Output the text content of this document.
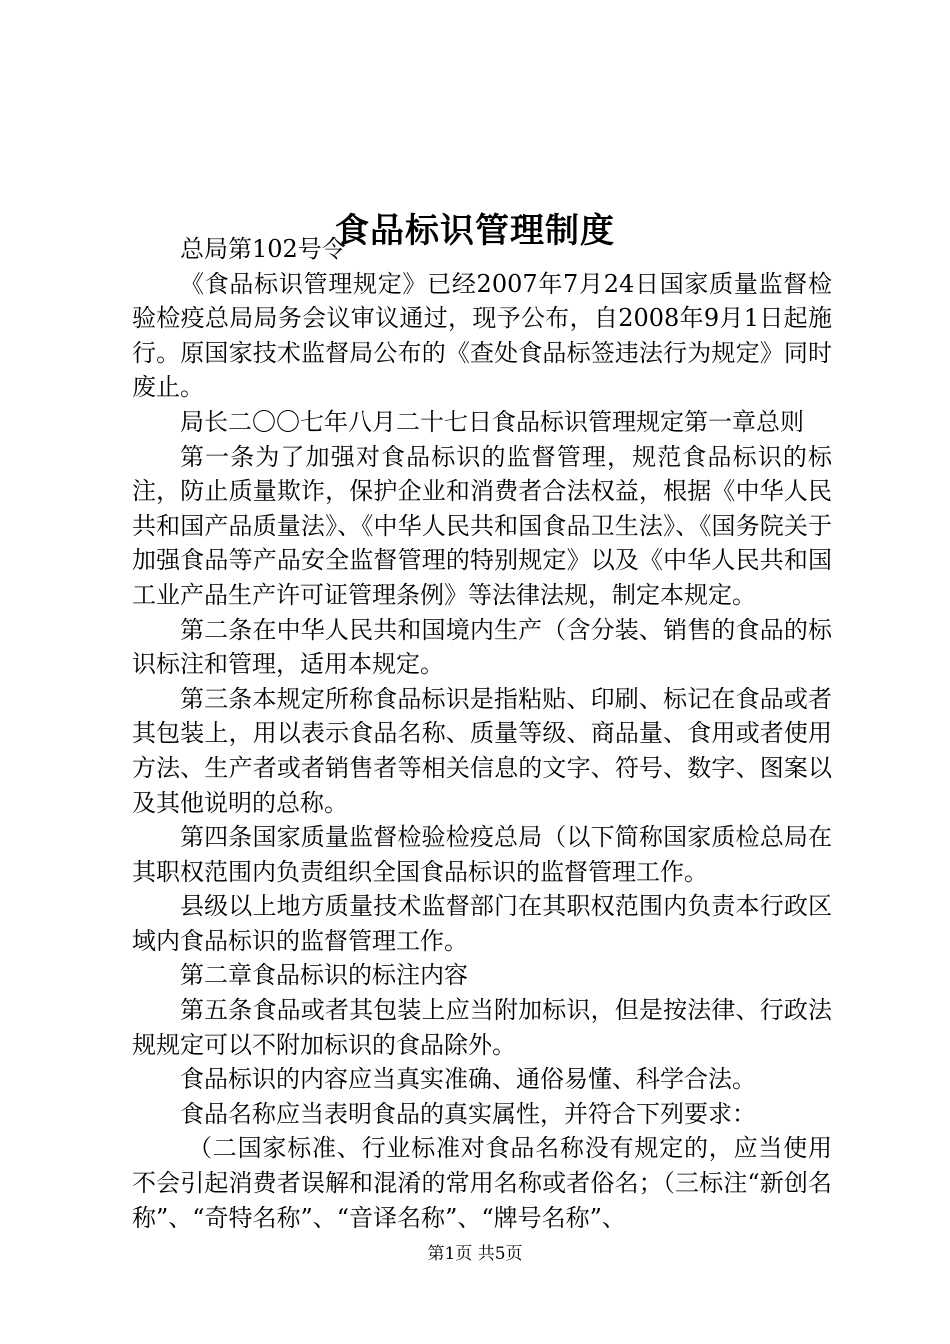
食品标识管理制度

总局第102号令

《食品标识管理规定》已经2007年7月24日国家质量监督检验检疫总局局务会议审议通过，现予公布，自2008年9月1日起施行。原国家技术监督局公布的《查处食品标签违法行为规定》同时废止。

局长二〇〇七年八月二十七日食品标识管理规定第一章总则

第一条为了加强对食品标识的监督管理，规范食品标识的标注，防止质量欺诈，保护企业和消费者合法权益，根据《中华人民共和国产品质量法》、《中华人民共和国食品卫生法》、《国务院关于加强食品等产品安全监督管理的特别规定》以及《中华人民共和国工业产品生产许可证管理条例》等法律法规，制定本规定。

第二条在中华人民共和国境内生产（含分装、销售的食品的标识标注和管理，适用本规定。

第三条本规定所称食品标识是指粘贴、印刷、标记在食品或者其包装上，用以表示食品名称、质量等级、商品量、食用或者使用方法、生产者或者销售者等相关信息的文字、符号、数字、图案以及其他说明的总称。

第四条国家质量监督检验检疫总局（以下简称国家质检总局在其职权范围内负责组织全国食品标识的监督管理工作。

县级以上地方质量技术监督部门在其职权范围内负责本行政区域内食品标识的监督管理工作。

第二章食品标识的标注内容

第五条食品或者其包装上应当附加标识，但是按法律、行政法规规定可以不附加标识的食品除外。

食品标识的内容应当真实准确、通俗易懂、科学合法。

食品名称应当表明食品的真实属性，并符合下列要求：

（二国家标准、行业标准对食品名称没有规定的，应当使用不会引起消费者误解和混淆的常用名称或者俗名；（三标注“新创名称”、“奇特名称”、“音译名称”、“牌号名称”、

第1页 共5页
